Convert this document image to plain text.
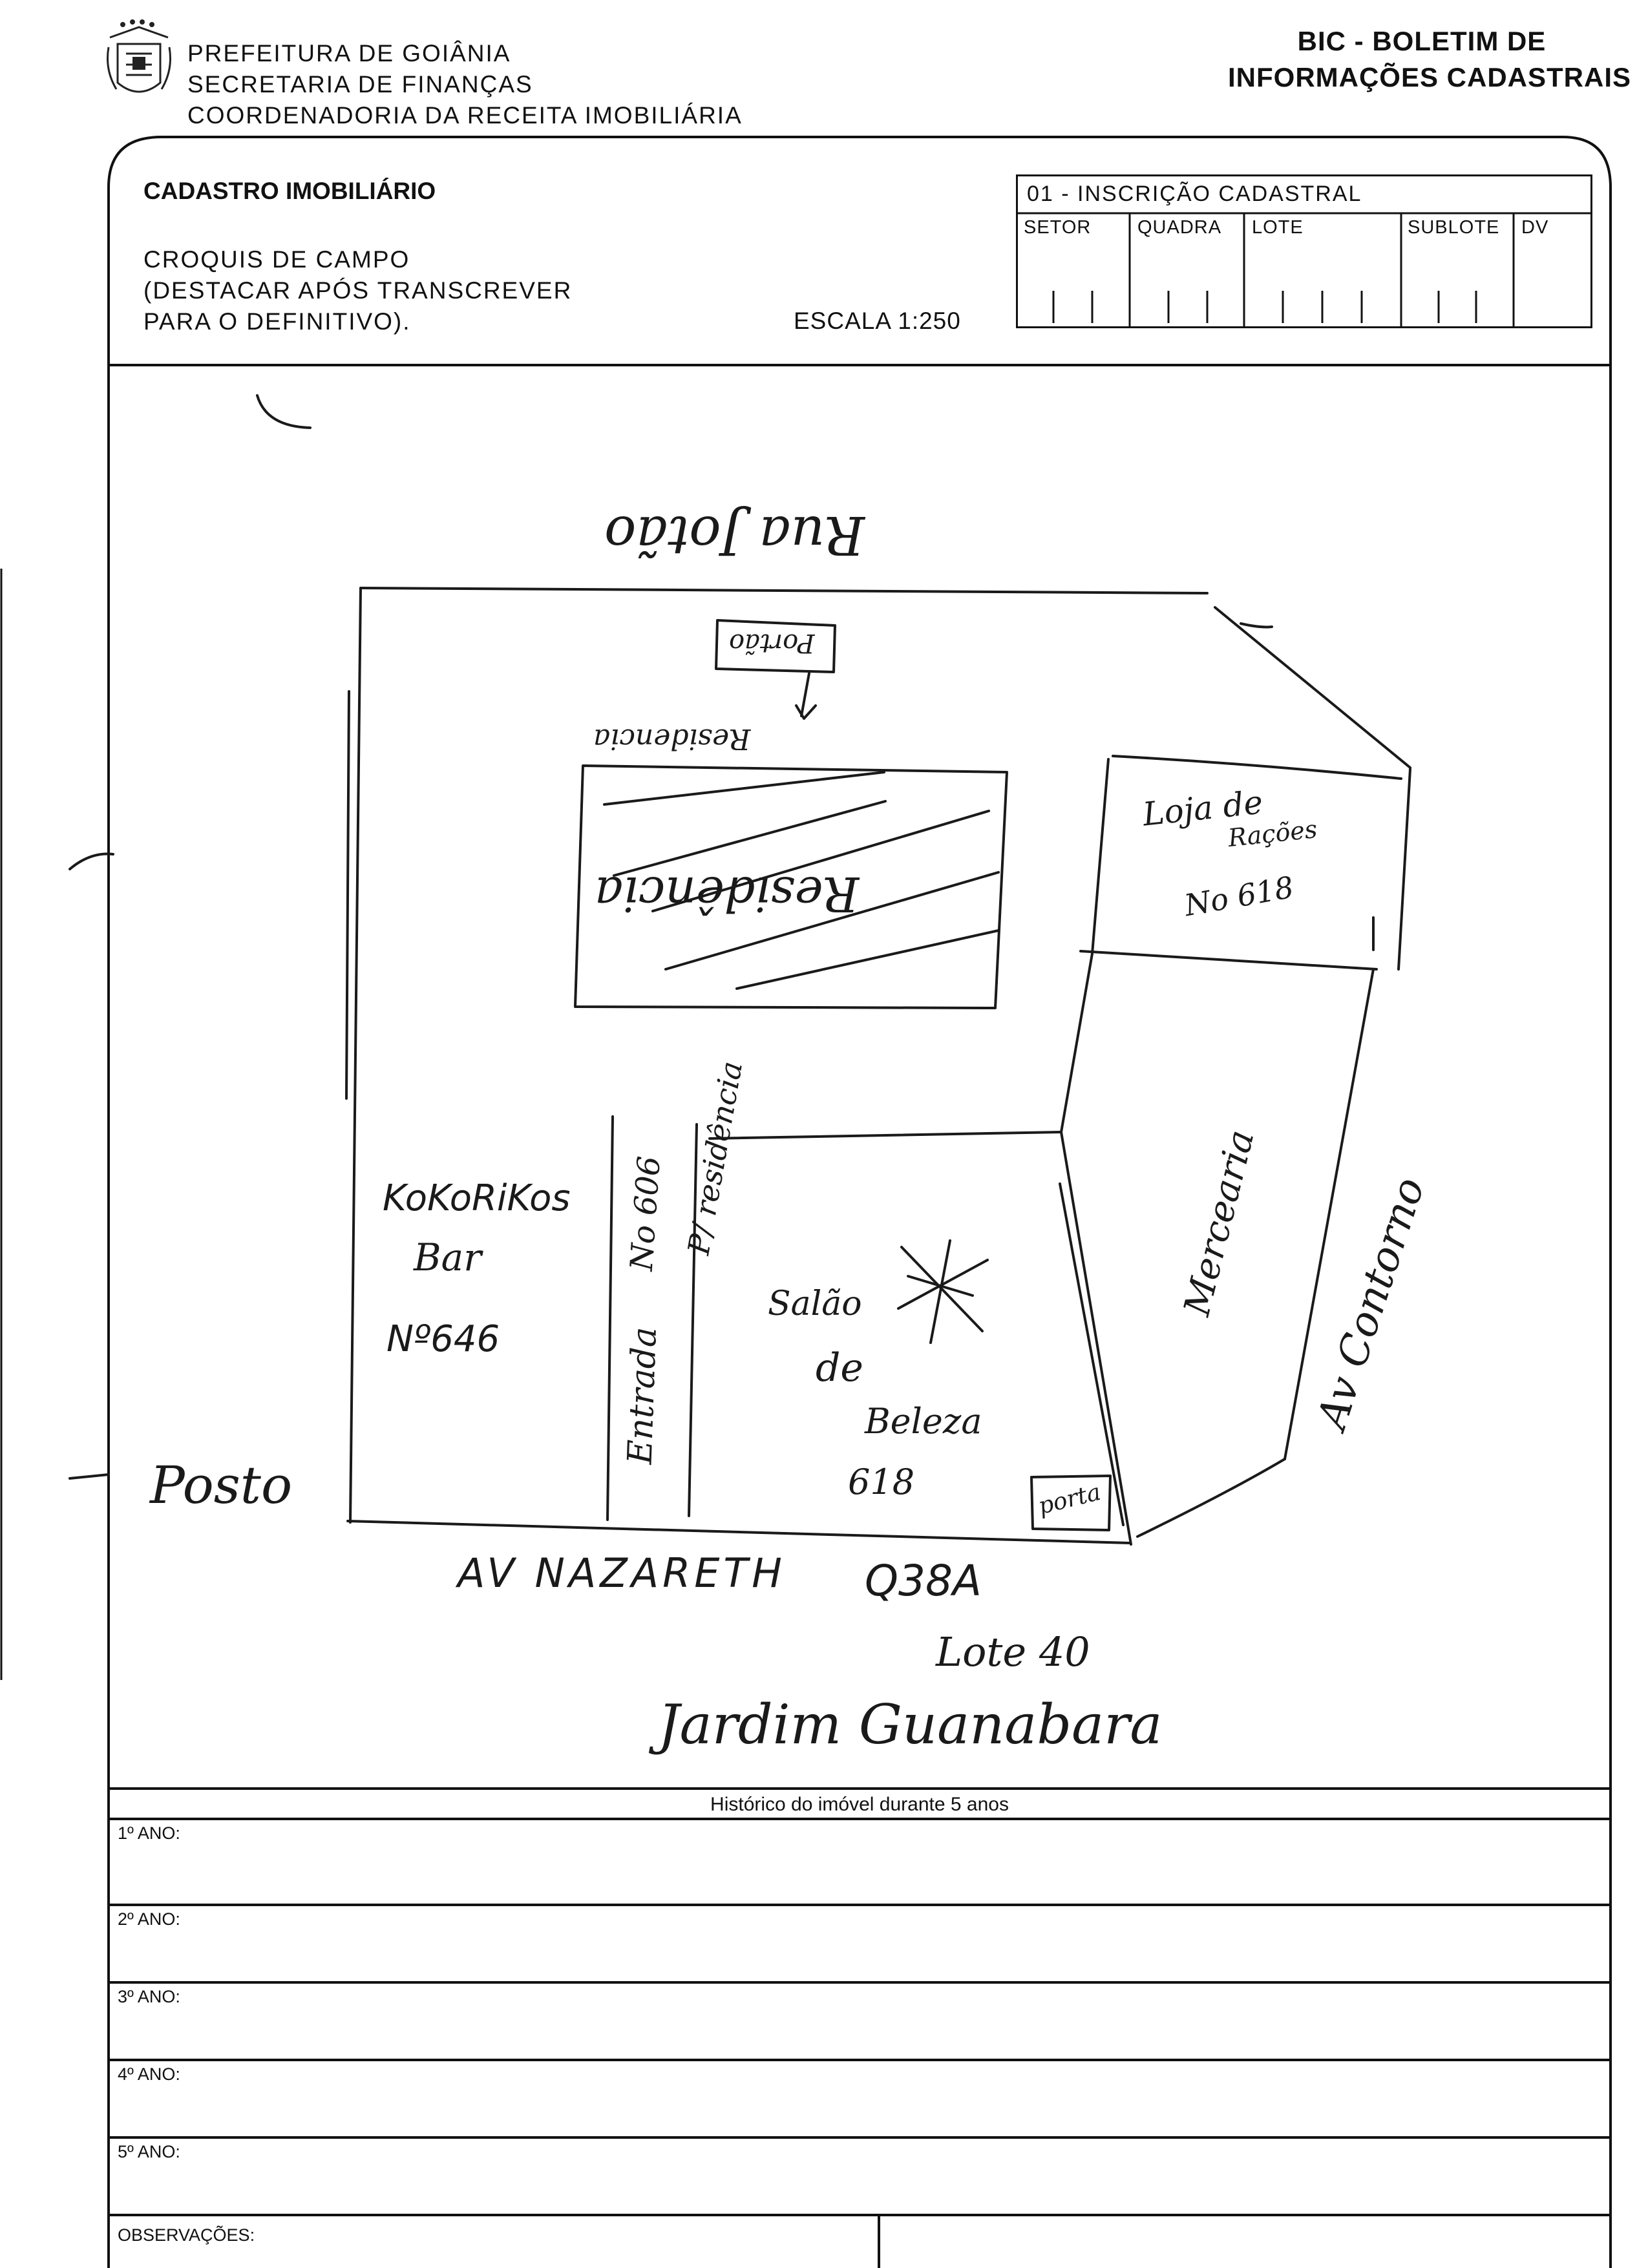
PREFEITURA DE GOIÂNIA
SECRETARIA DE FINANÇAS
COORDENADORIA DA RECEITA IMOBILIÁRIA
BIC - BOLETIM DE
INFORMAÇÕES CADASTRAIS
CADASTRO IMOBILIÁRIO
CROQUIS DE CAMPO
(DESTACAR APÓS TRANSCREVER
PARA O DEFINITIVO).	ESCALA 1:250
01 - INSCRIÇÃO CADASTRAL
SETOR QUADRA LOTE	SUBLOTE DV
Rua Jotão
Portão
Residencia
Residência
Loja de
Rações
No 618
KoKoRiKos
Bar
Nº646	Entrada
No 606 P/ residência
Salão
de
Beleza
618	porta
Mercearia Av Contorno
Posto
AV NAZARETH Q38A
Lote 40
Jardim Guanabara
Histórico do imóvel durante 5 anos
1º ANO:
2º ANO:
3º ANO:
4º ANO:
5º ANO:
OBSERVAÇÕES:
